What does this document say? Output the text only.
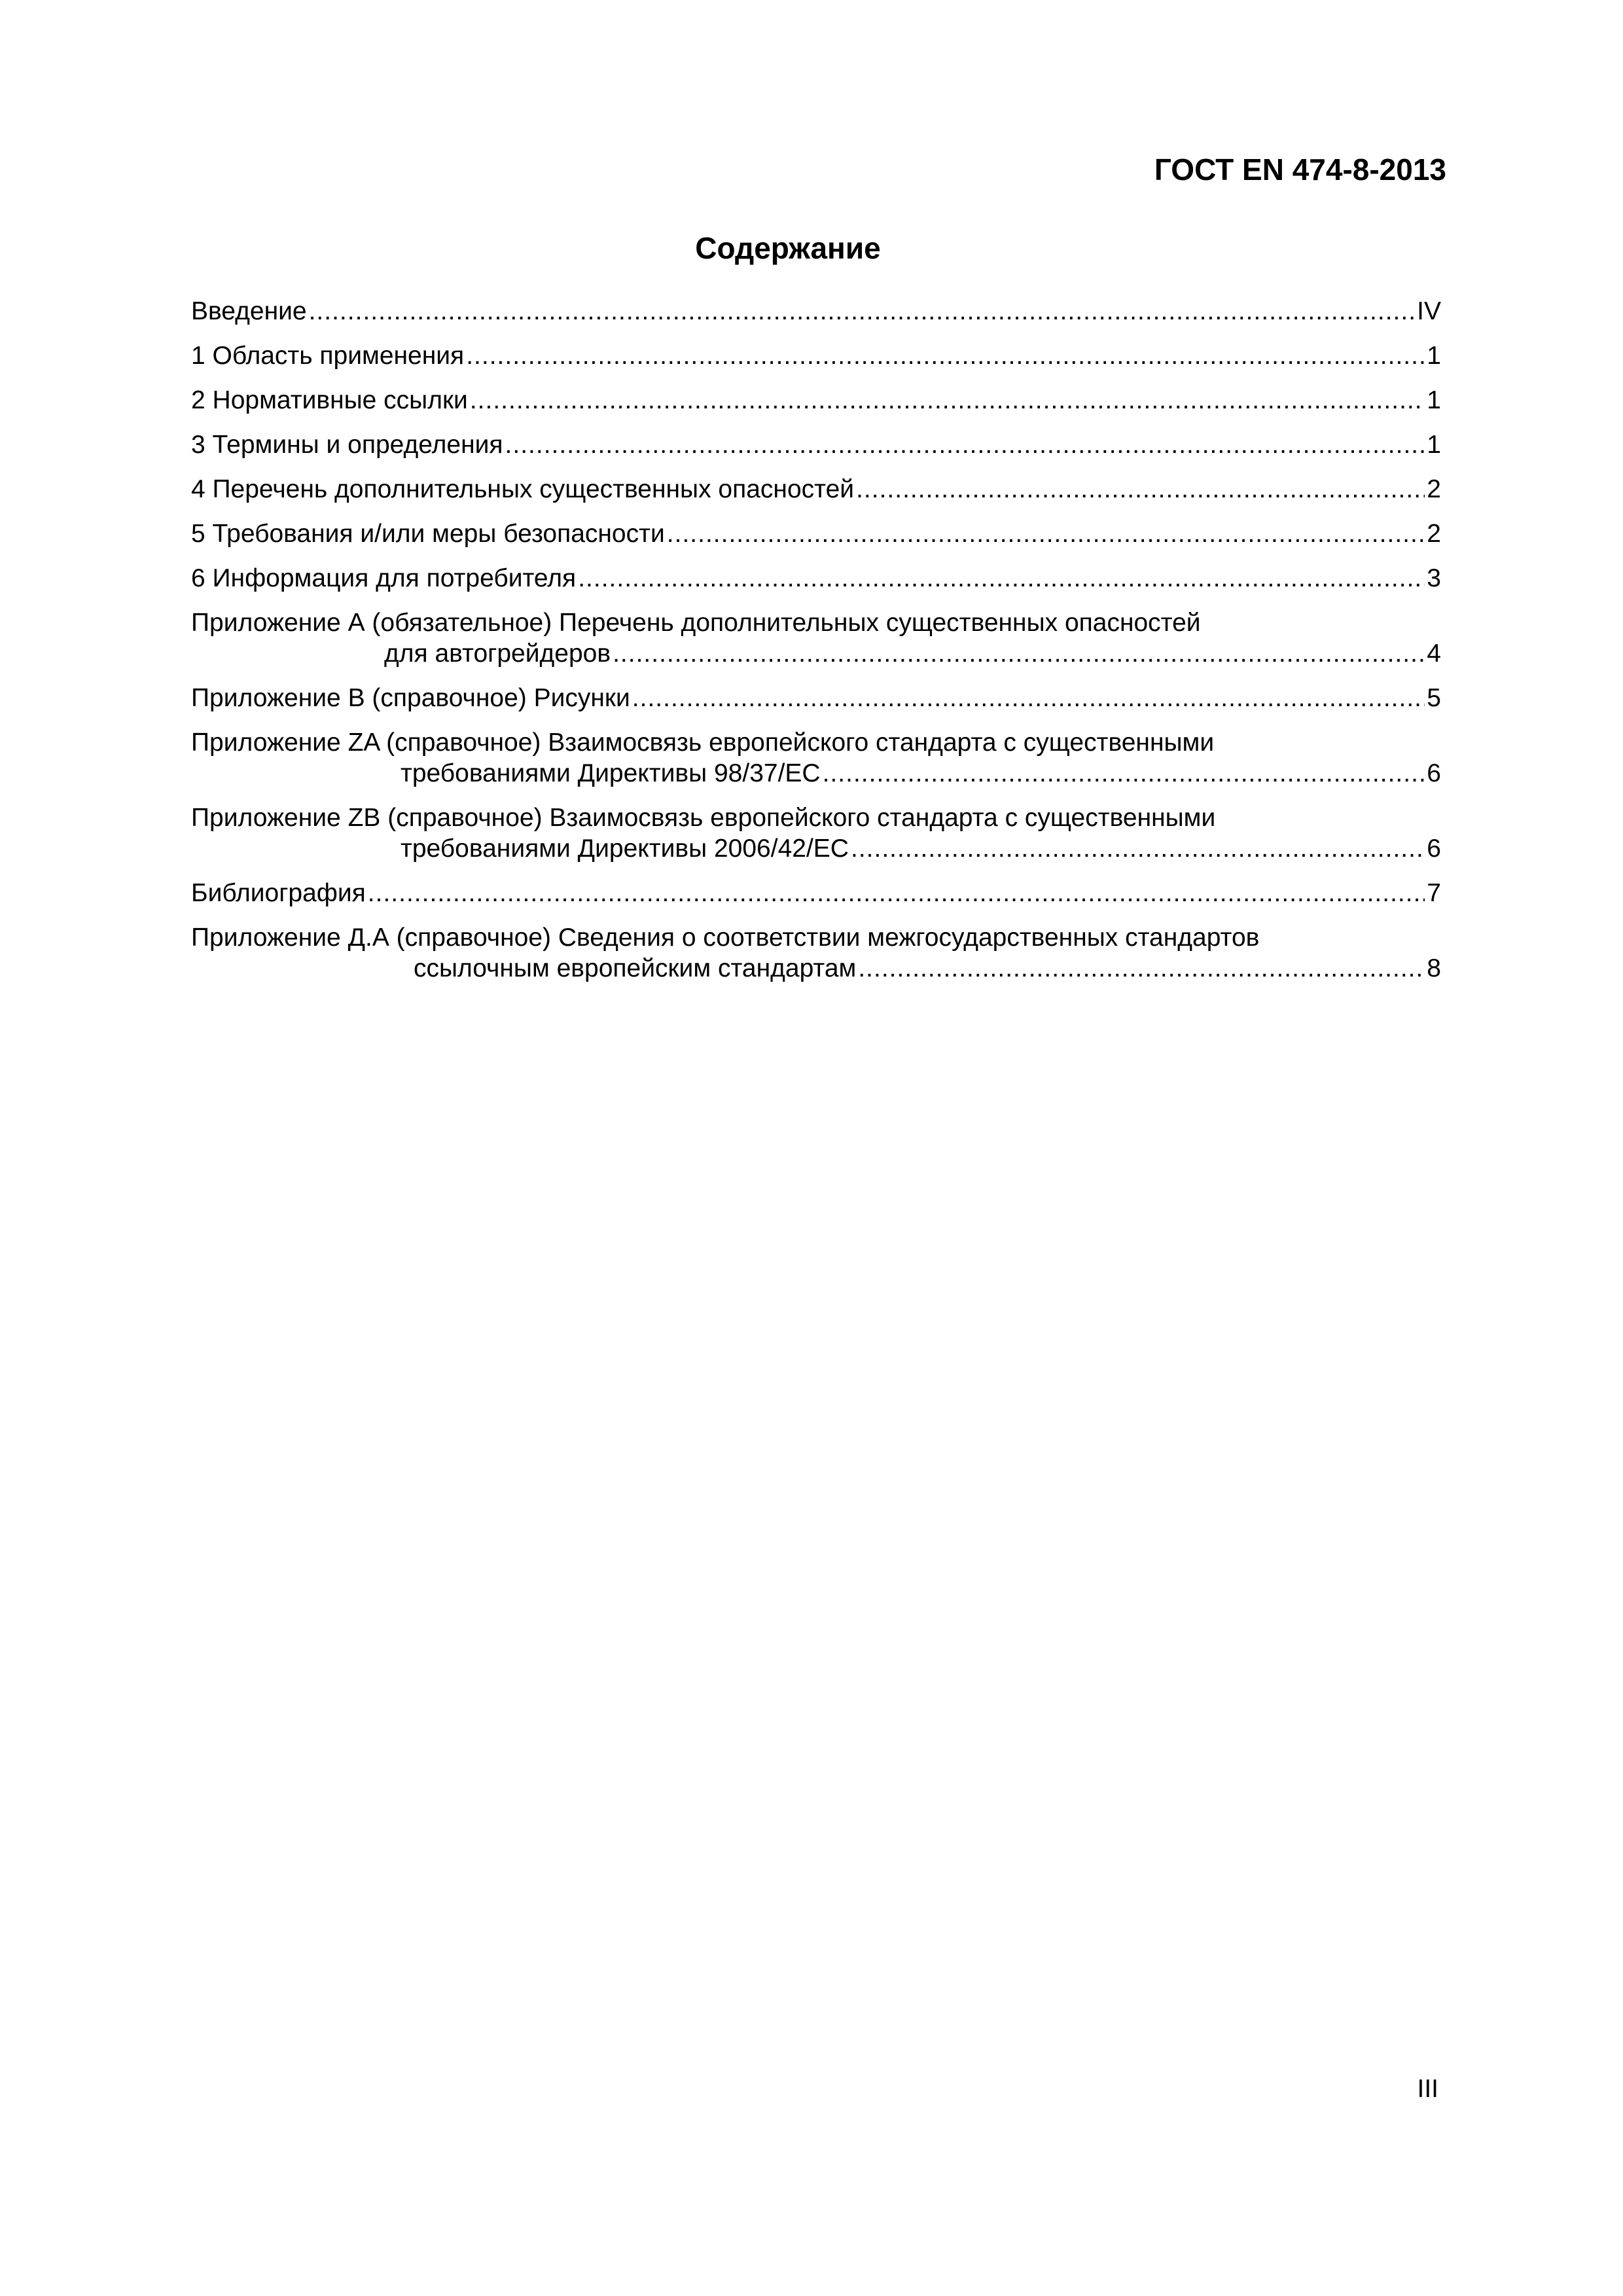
ГОСТ EN 474-8-2013
Содержание
Введение .....	IV
1 Область применения .....	1
2 Нормативные ссылки .....	1
3 Термины и определения .....	1
4 Перечень дополнительных существенных опасностей .....	2
5 Требования и/или меры безопасности .....	2
6 Информация для потребителя .....	3
Приложение А (обязательное) Перечень дополнительных существенных опасностей
для автогрейдеров .....	4
Приложение В (справочное) Рисунки .....	5
Приложение ZA (справочное) Взаимосвязь европейского стандарта с существенными
требованиями Директивы 98/37/ЕС .....	6
Приложение ZB (справочное) Взаимосвязь европейского стандарта с существенными
требованиями Директивы 2006/42/ЕС .....	6
Библиография .....	7
Приложение Д.А (справочное) Сведения о соответствии межгосударственных стандартов
ссылочным европейским стандартам .....	8
III
